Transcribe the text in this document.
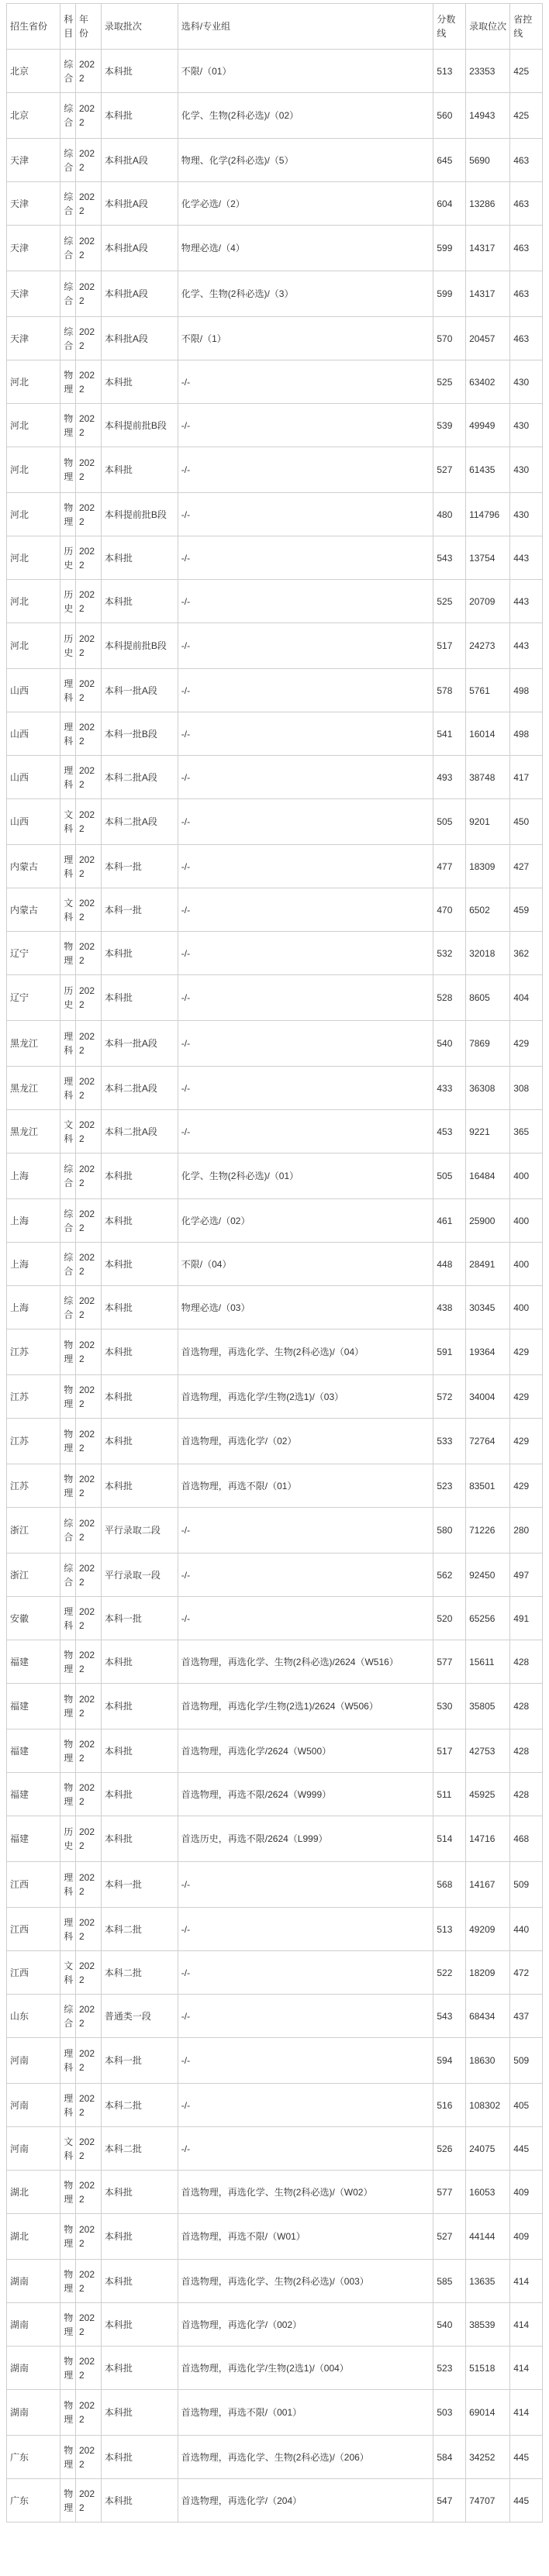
招生省份	科目	年份	录取批次	选科/专业组	分数线	录取位次	省控线
北京	综合	2022	本科批	不限/（01）	513	23353	425
北京	综合	2022	本科批	化学、生物(2科必选)/（02）	560	14943	425
天津	综合	2022	本科批A段	物理、化学(2科必选)/（5）	645	5690	463
天津	综合	2022	本科批A段	化学必选/（2）	604	13286	463
天津	综合	2022	本科批A段	物理必选/（4）	599	14317	463
天津	综合	2022	本科批A段	化学、生物(2科必选)/（3）	599	14317	463
天津	综合	2022	本科批A段	不限/（1）	570	20457	463
河北	物理	2022	本科批	-/-	525	63402	430
河北	物理	2022	本科提前批B段	-/-	539	49949	430
河北	物理	2022	本科批	-/-	527	61435	430
河北	物理	2022	本科提前批B段	-/-	480	114796	430
河北	历史	2022	本科批	-/-	543	13754	443
河北	历史	2022	本科批	-/-	525	20709	443
河北	历史	2022	本科提前批B段	-/-	517	24273	443
山西	理科	2022	本科一批A段	-/-	578	5761	498
山西	理科	2022	本科一批B段	-/-	541	16014	498
山西	理科	2022	本科二批A段	-/-	493	38748	417
山西	文科	2022	本科二批A段	-/-	505	9201	450
内蒙古	理科	2022	本科一批	-/-	477	18309	427
内蒙古	文科	2022	本科一批	-/-	470	6502	459
辽宁	物理	2022	本科批	-/-	532	32018	362
辽宁	历史	2022	本科批	-/-	528	8605	404
黑龙江	理科	2022	本科一批A段	-/-	540	7869	429
黑龙江	理科	2022	本科二批A段	-/-	433	36308	308
黑龙江	文科	2022	本科二批A段	-/-	453	9221	365
上海	综合	2022	本科批	化学、生物(2科必选)/（01）	505	16484	400
上海	综合	2022	本科批	化学必选/（02）	461	25900	400
上海	综合	2022	本科批	不限/（04）	448	28491	400
上海	综合	2022	本科批	物理必选/（03）	438	30345	400
江苏	物理	2022	本科批	首选物理，再选化学、生物(2科必选)/（04）	591	19364	429
江苏	物理	2022	本科批	首选物理，再选化学/生物(2选1)/（03）	572	34004	429
江苏	物理	2022	本科批	首选物理，再选化学/（02）	533	72764	429
江苏	物理	2022	本科批	首选物理，再选不限/（01）	523	83501	429
浙江	综合	2022	平行录取二段	-/-	580	71226	280
浙江	综合	2022	平行录取一段	-/-	562	92450	497
安徽	理科	2022	本科一批	-/-	520	65256	491
福建	物理	2022	本科批	首选物理，再选化学、生物(2科必选)/2624（W516）	577	15611	428
福建	物理	2022	本科批	首选物理，再选化学/生物(2选1)/2624（W506）	530	35805	428
福建	物理	2022	本科批	首选物理，再选化学/2624（W500）	517	42753	428
福建	物理	2022	本科批	首选物理，再选不限/2624（W999）	511	45925	428
福建	历史	2022	本科批	首选历史，再选不限/2624（L999）	514	14716	468
江西	理科	2022	本科一批	-/-	568	14167	509
江西	理科	2022	本科二批	-/-	513	49209	440
江西	文科	2022	本科二批	-/-	522	18209	472
山东	综合	2022	普通类一段	-/-	543	68434	437
河南	理科	2022	本科一批	-/-	594	18630	509
河南	理科	2022	本科二批	-/-	516	108302	405
河南	文科	2022	本科二批	-/-	526	24075	445
湖北	物理	2022	本科批	首选物理，再选化学、生物(2科必选)/（W02）	577	16053	409
湖北	物理	2022	本科批	首选物理，再选不限/（W01）	527	44144	409
湖南	物理	2022	本科批	首选物理，再选化学、生物(2科必选)/（003）	585	13635	414
湖南	物理	2022	本科批	首选物理，再选化学/（002）	540	38539	414
湖南	物理	2022	本科批	首选物理，再选化学/生物(2选1)/（004）	523	51518	414
湖南	物理	2022	本科批	首选物理，再选不限/（001）	503	69014	414
广东	物理	2022	本科批	首选物理，再选化学、生物(2科必选)/（206）	584	34252	445
广东	物理	2022	本科批	首选物理，再选化学/（204）	547	74707	445
